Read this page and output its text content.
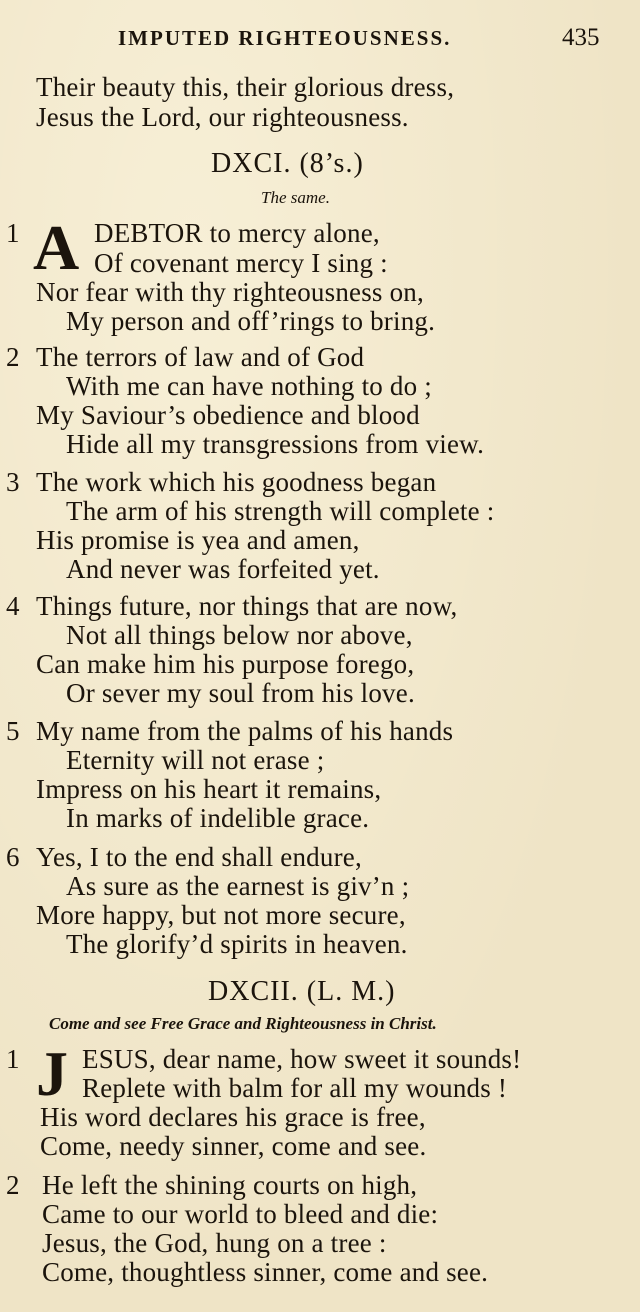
IMPUTED RIGHTEOUSNESS.	435
Their beauty this, their glorious dress,
Jesus the Lord, our righteousness.
DXCI. (8’s.)
The same.
1 A DEBTOR to mercy alone,
Of covenant mercy I sing :
Nor fear with thy righteousness on,
My person and off’rings to bring.
2 The terrors of law and of God
With me can have nothing to do ;
My Saviour’s obedience and blood
Hide all my transgressions from view.
3 The work which his goodness began
The arm of his strength will complete :
His promise is yea and amen,
And never was forfeited yet.
4 Things future, nor things that are now,
Not all things below nor above,
Can make him his purpose forego,
Or sever my soul from his love.
5 My name from the palms of his hands
Eternity will not erase ;
Impress on his heart it remains,
In marks of indelible grace.
6 Yes, I to the end shall endure,
As sure as the earnest is giv’n ;
More happy, but not more secure,
The glorify’d spirits in heaven.
DXCII. (L. M.)
Come and see Free Grace and Righteousness in Christ.
1 J ESUS, dear name, how sweet it sounds!
Replete with balm for all my wounds !
His word declares his grace is free,
Come, needy sinner, come and see.
2 He left the shining courts on high,
Came to our world to bleed and die:
Jesus, the God, hung on a tree :
Come, thoughtless sinner, come and see.
